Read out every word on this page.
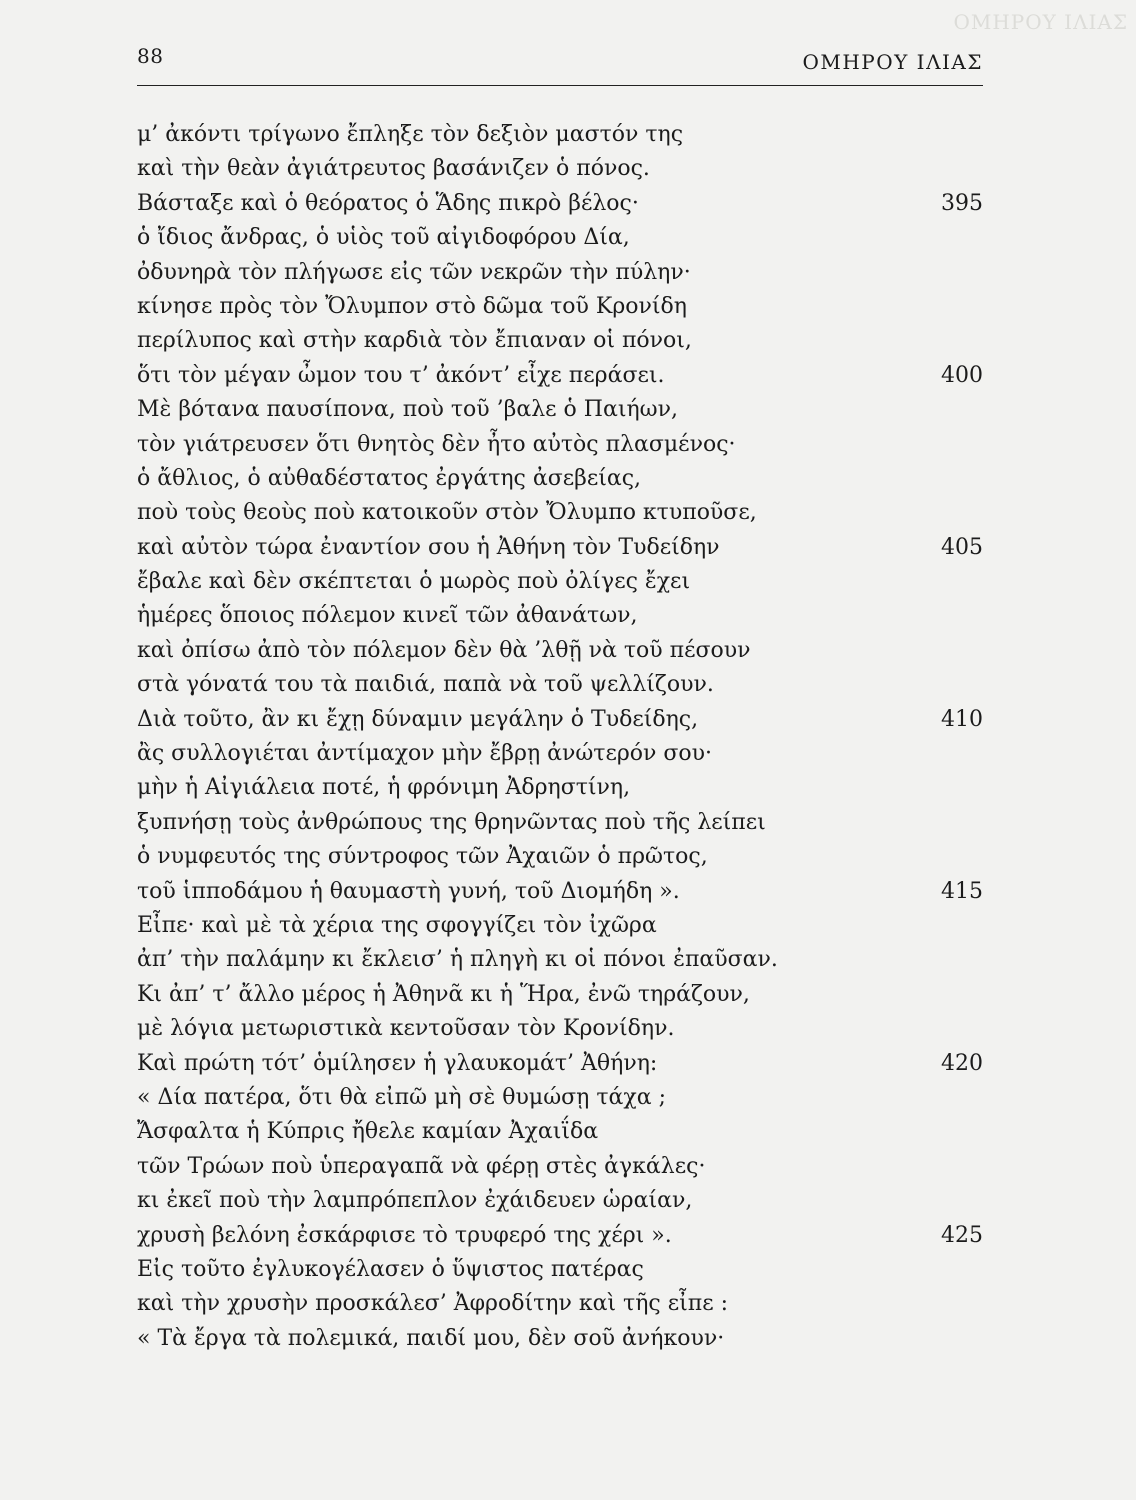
ΟΜΗΡΟΥ ΙΛΙΑΣ
88	ΟΜΗΡΟΥ ΙΛΙΑΣ
μ’ ἀκόντι τρίγωνο ἔπληξε τὸν δεξιὸν μαστόν της
καὶ τὴν θεὰν ἀγιάτρευτος βασάνιζεν ὁ πόνος.
Βάσταξε καὶ ὁ θεόρατος ὁ Ἅδης πικρὸ βέλος·	395
ὁ ἴδιος ἄνδρας, ὁ υἱὸς τοῦ αἰγιδοφόρου Δία,
ὀδυνηρὰ τὸν πλήγωσε εἰς τῶν νεκρῶν τὴν πύλην·
κίνησε πρὸς τὸν Ὄλυμπον στὸ δῶμα τοῦ Κρονίδη
περίλυπος καὶ στὴν καρδιὰ τὸν ἔπιαναν οἱ πόνοι,
ὅτι τὸν μέγαν ὦμον του τ’ ἀκόντ’ εἶχε περάσει.	400
Μὲ βότανα παυσίπονα, ποὺ τοῦ ’βαλε ὁ Παιήων,
τὸν γιάτρευσεν ὅτι θνητὸς δὲν ἦτο αὐτὸς πλασμένος·
ὁ ἄθλιος, ὁ αὐθαδέστατος ἐργάτης ἀσεβείας,
ποὺ τοὺς θεοὺς ποὺ κατοικοῦν στὸν Ὄλυμπο κτυποῦσε,
καὶ αὐτὸν τώρα ἐναντίον σου ἡ Ἀθήνη τὸν Τυδείδην	405
ἔβαλε καὶ δὲν σκέπτεται ὁ μωρὸς ποὺ ὀλίγες ἔχει
ἡμέρες ὅποιος πόλεμον κινεῖ τῶν ἀθανάτων,
καὶ ὀπίσω ἀπὸ τὸν πόλεμον δὲν θὰ ’λθῇ νὰ τοῦ πέσουν
στὰ γόνατά του τὰ παιδιά, παπὰ νὰ τοῦ ψελλίζουν.
Διὰ τοῦτο, ἂν κι ἔχῃ δύναμιν μεγάλην ὁ Τυδείδης,	410
ἂς συλλογιέται ἀντίμαχον μὴν ἔβρῃ ἀνώτερόν σου·
μὴν ἡ Αἰγιάλεια ποτέ, ἡ φρόνιμη Ἀδρηστίνη,
ξυπνήσῃ τοὺς ἀνθρώπους της θρηνῶντας ποὺ τῆς λείπει
ὁ νυμφευτός της σύντροφος τῶν Ἀχαιῶν ὁ πρῶτος,
τοῦ ἱπποδάμου ἡ θαυμαστὴ γυνή, τοῦ Διομήδη ».	415
Εἶπε· καὶ μὲ τὰ χέρια της σφογγίζει τὸν ἰχῶρα
ἀπ’ τὴν παλάμην κι ἔκλεισ’ ἡ πληγὴ κι οἱ πόνοι ἐπαῦσαν.
Κι ἀπ’ τ’ ἄλλο μέρος ἡ Ἀθηνᾶ κι ἡ Ἥρα, ἐνῶ τηράζουν,
μὲ λόγια μετωριστικὰ κεντοῦσαν τὸν Κρονίδην.
Καὶ πρώτη τότ’ ὁμίλησεν ἡ γλαυκομάτ’ Ἀθήνη:	420
« Δία πατέρα, ὅτι θὰ εἰπῶ μὴ σὲ θυμώσῃ τάχα ;
Ἄσφαλτα ἡ Κύπρις ἤθελε καμίαν Ἀχαιΐδα
τῶν Τρώων ποὺ ὑπεραγαπᾶ νὰ φέρῃ στὲς ἀγκάλες·
κι ἐκεῖ ποὺ τὴν λαμπρόπεπλον ἐχάιδευεν ὡραίαν,
χρυσὴ βελόνη ἐσκάρφισε τὸ τρυφερό της χέρι ».	425
Εἰς τοῦτο ἐγλυκογέλασεν ὁ ὕψιστος πατέρας
καὶ τὴν χρυσὴν προσκάλεσ’ Ἀφροδίτην καὶ τῆς εἶπε :
« Τὰ ἔργα τὰ πολεμικά, παιδί μου, δὲν σοῦ ἀνήκουν·
